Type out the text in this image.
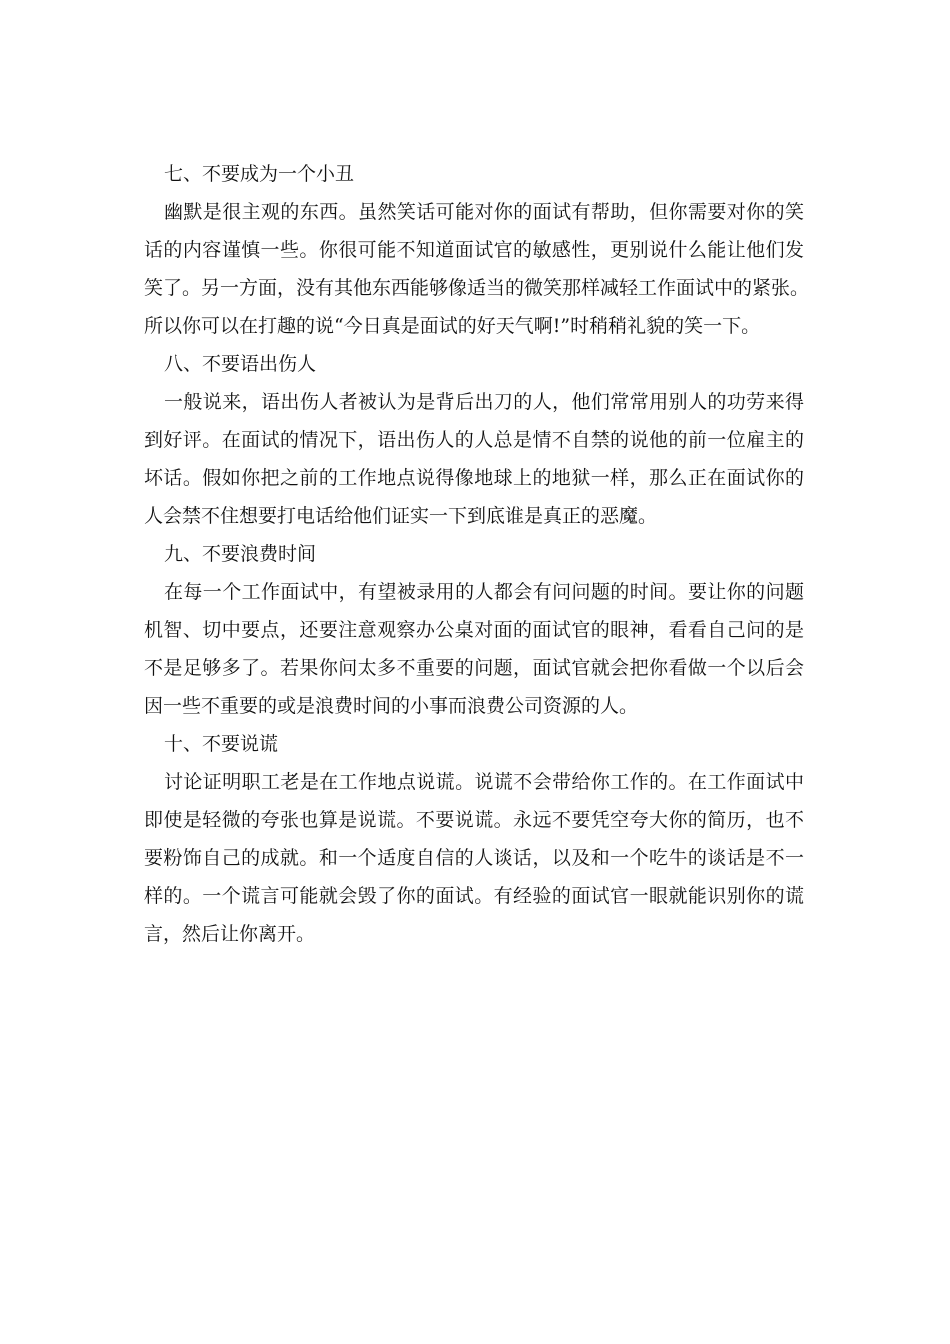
七、不要成为一个小丑
幽默是很主观的东西。虽然笑话可能对你的面试有帮助，但你需要对你的笑
话的内容谨慎一些。你很可能不知道面试官的敏感性，更别说什么能让他们发
笑了。另一方面，没有其他东西能够像适当的微笑那样减轻工作面试中的紧张。
所以你可以在打趣的说“今日真是面试的好天气啊!”时稍稍礼貌的笑一下。
八、不要语出伤人
一般说来，语出伤人者被认为是背后出刀的人，他们常常用别人的功劳来得
到好评。在面试的情况下，语出伤人的人总是情不自禁的说他的前一位雇主的
坏话。假如你把之前的工作地点说得像地球上的地狱一样，那么正在面试你的
人会禁不住想要打电话给他们证实一下到底谁是真正的恶魔。
九、不要浪费时间
在每一个工作面试中，有望被录用的人都会有问问题的时间。要让你的问题
机智、切中要点，还要注意观察办公桌对面的面试官的眼神，看看自己问的是
不是足够多了。若果你问太多不重要的问题，面试官就会把你看做一个以后会
因一些不重要的或是浪费时间的小事而浪费公司资源的人。
十、不要说谎
讨论证明职工老是在工作地点说谎。说谎不会带给你工作的。在工作面试中
即使是轻微的夸张也算是说谎。不要说谎。永远不要凭空夸大你的简历，也不
要粉饰自己的成就。和一个适度自信的人谈话，以及和一个吃牛的谈话是不一
样的。一个谎言可能就会毁了你的面试。有经验的面试官一眼就能识别你的谎
言，然后让你离开。
